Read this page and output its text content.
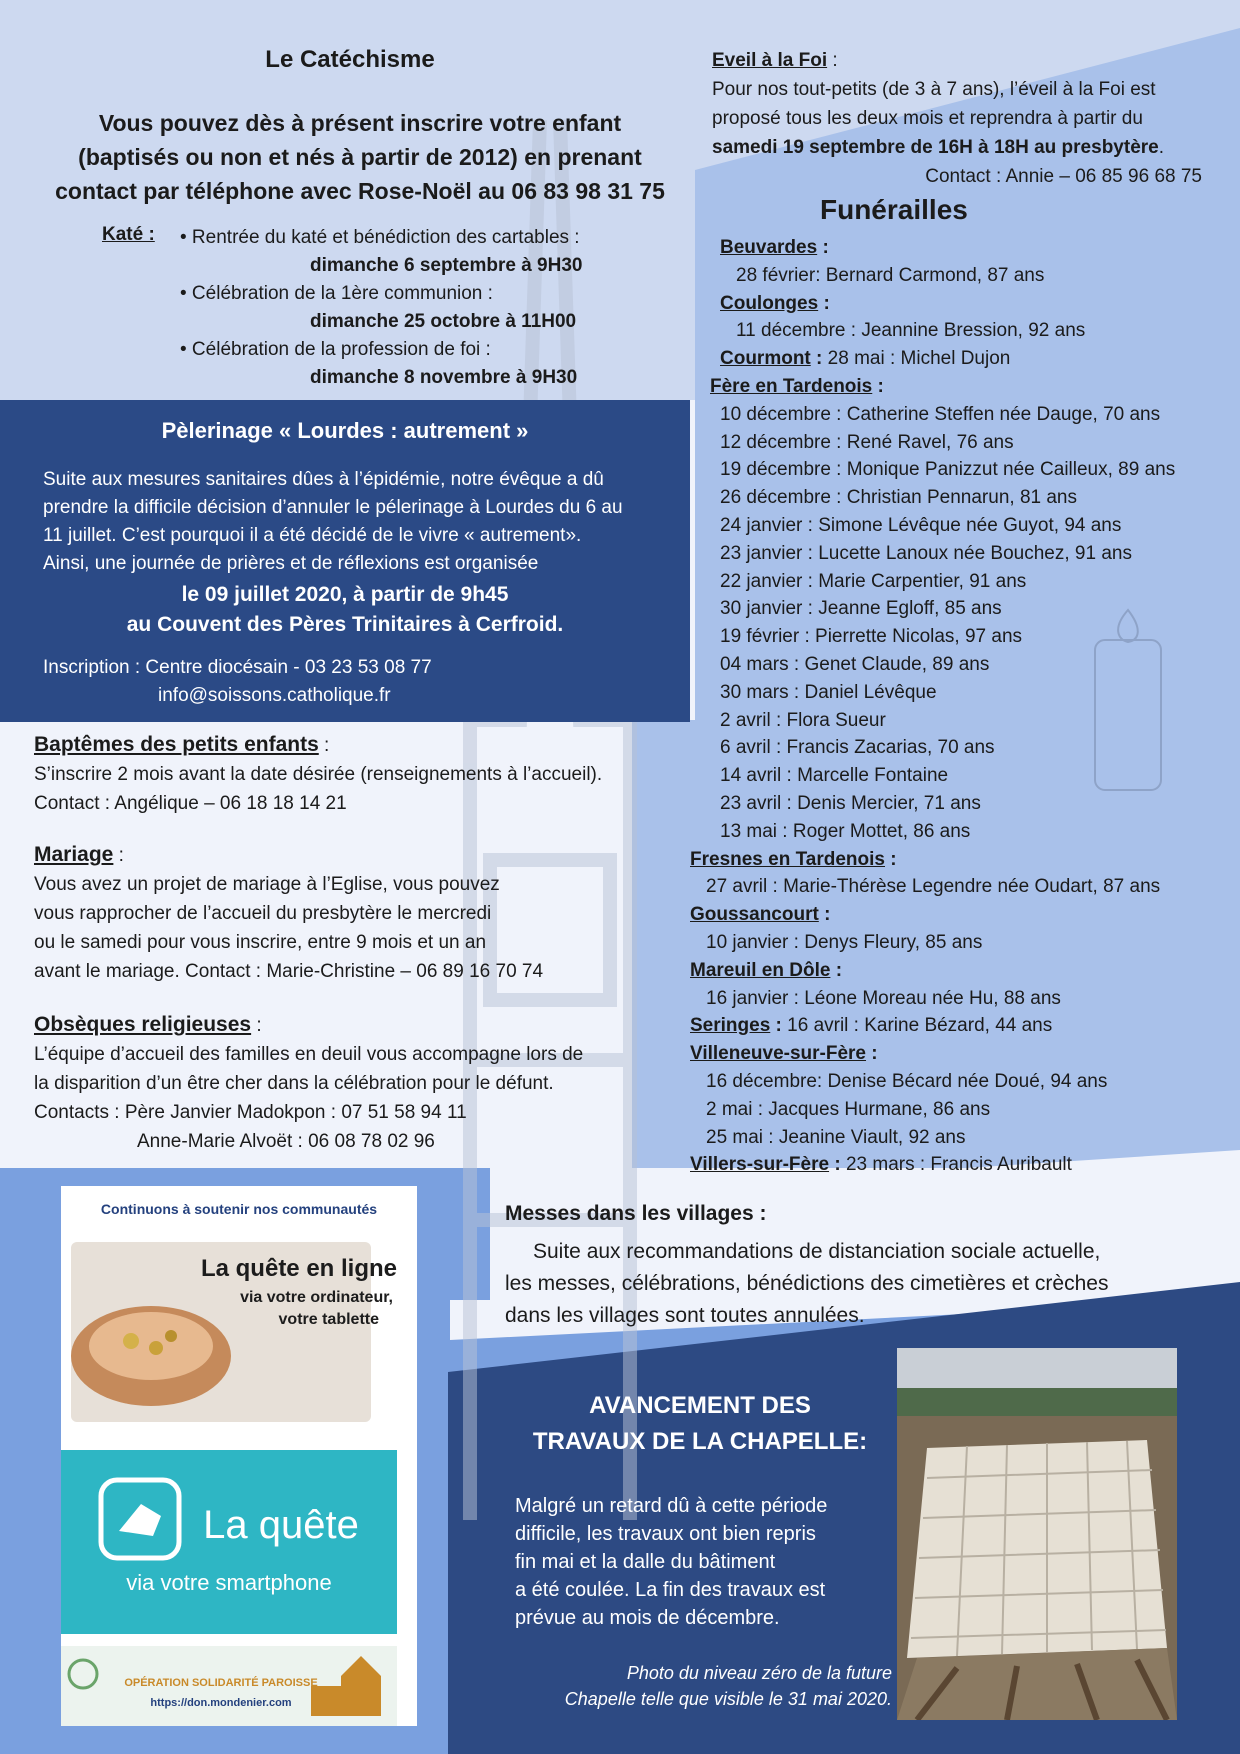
Le Catéchisme
Vous pouvez dès à présent inscrire votre enfant
(baptisés ou non et nés à partir de 2012) en prenant
contact par téléphone avec Rose-Noël au 06 83 98 31 75
Katé : • Rentrée du katé et bénédiction des cartables :
dimanche 6 septembre à 9H30
• Célébration de la 1ère communion :
dimanche 25 octobre à 11H00
• Célébration de la profession de foi :
dimanche 8 novembre à 9H30
Pèlerinage « Lourdes : autrement »
Suite aux mesures sanitaires dûes à l’épidémie, notre évêque a dû
prendre la difficile décision d’annuler le pélerinage à Lourdes du 6 au
11 juillet. C’est pourquoi il a été décidé de le vivre « autrement».
Ainsi, une journée de prières et de réflexions est organisée
le 09 juillet 2020, à partir de 9h45
au Couvent des Pères Trinitaires à Cerfroid.
Inscription : Centre diocésain - 03 23 53 08 77
info@soissons.catholique.fr
Baptêmes des petits enfants :
S’inscrire 2 mois avant la date désirée (renseignements à l’accueil).
Contact : Angélique – 06 18 18 14 21
Mariage :
Vous avez un projet de mariage à l’Eglise, vous pouvez
vous rapprocher de l’accueil du presbytère le mercredi
ou le samedi pour vous inscrire, entre 9 mois et un an
avant le mariage. Contact : Marie-Christine – 06 89 16 70 74
Obsèques religieuses :
L’équipe d’accueil des familles en deuil vous accompagne lors de
la disparition d’un être cher dans la célébration pour le défunt.
Contacts : Père Janvier Madokpon : 07 51 58 94 11
Anne-Marie Alvoët : 06 08 78 02 96
Eveil à la Foi :
Pour nos tout-petits (de 3 à 7 ans), l’éveil à la Foi est
proposé tous les deux mois et reprendra à partir du
samedi 19 septembre de 16H à 18H au presbytère.
Contact : Annie – 06 85 96 68 75
Funérailles
Beuvardes :
28 février: Bernard Carmond, 87 ans
Coulonges :
11 décembre : Jeannine Bression, 92 ans
Courmont : 28 mai : Michel Dujon
Fère en Tardenois :
10 décembre : Catherine Steffen née Dauge, 70 ans
12 décembre : René Ravel, 76 ans
19 décembre : Monique Panizzut née Cailleux, 89 ans
26 décembre : Christian Pennarun, 81 ans
24 janvier : Simone Lévêque née Guyot, 94 ans
23 janvier : Lucette Lanoux née Bouchez, 91 ans
22 janvier : Marie Carpentier, 91 ans
30 janvier : Jeanne Egloff, 85 ans
19 février : Pierrette Nicolas, 97 ans
04 mars : Genet Claude, 89 ans
30 mars : Daniel Lévêque
2 avril : Flora Sueur
6 avril : Francis Zacarias, 70 ans
14 avril : Marcelle Fontaine
23 avril : Denis Mercier, 71 ans
13 mai : Roger Mottet, 86 ans
Fresnes en Tardenois :
27 avril : Marie-Thérèse Legendre née Oudart, 87 ans
Goussancourt :
10 janvier : Denys Fleury, 85 ans
Mareuil en Dôle :
16 janvier : Léone Moreau née Hu, 88 ans
Seringes : 16 avril : Karine Bézard, 44 ans
Villeneuve-sur-Fère :
16 décembre: Denise Bécard née Doué, 94 ans
2 mai : Jacques Hurmane, 86 ans
25 mai : Jeanine Viault, 92 ans
Villers-sur-Fère : 23 mars : Francis Auribault
Continuons à soutenir nos communautés
La quête en ligne
via votre ordinateur,
votre tablette
La quête
via votre smartphone
OPÉRATION SOLIDARITÉ PAROISSE
https://don.mondenier.com
Messes dans les villages :
Suite aux recommandations de distanciation sociale actuelle,
les messes, célébrations, bénédictions des cimetières et crèches
dans les villages sont toutes annulées.
AVANCEMENT DES
TRAVAUX DE LA CHAPELLE:
Malgré un retard dû à cette période
difficile, les travaux ont bien repris
fin mai et la dalle du bâtiment
a été coulée. La fin des travaux est
prévue au mois de décembre.
Photo du niveau zéro de la future
Chapelle telle que visible le 31 mai 2020.
